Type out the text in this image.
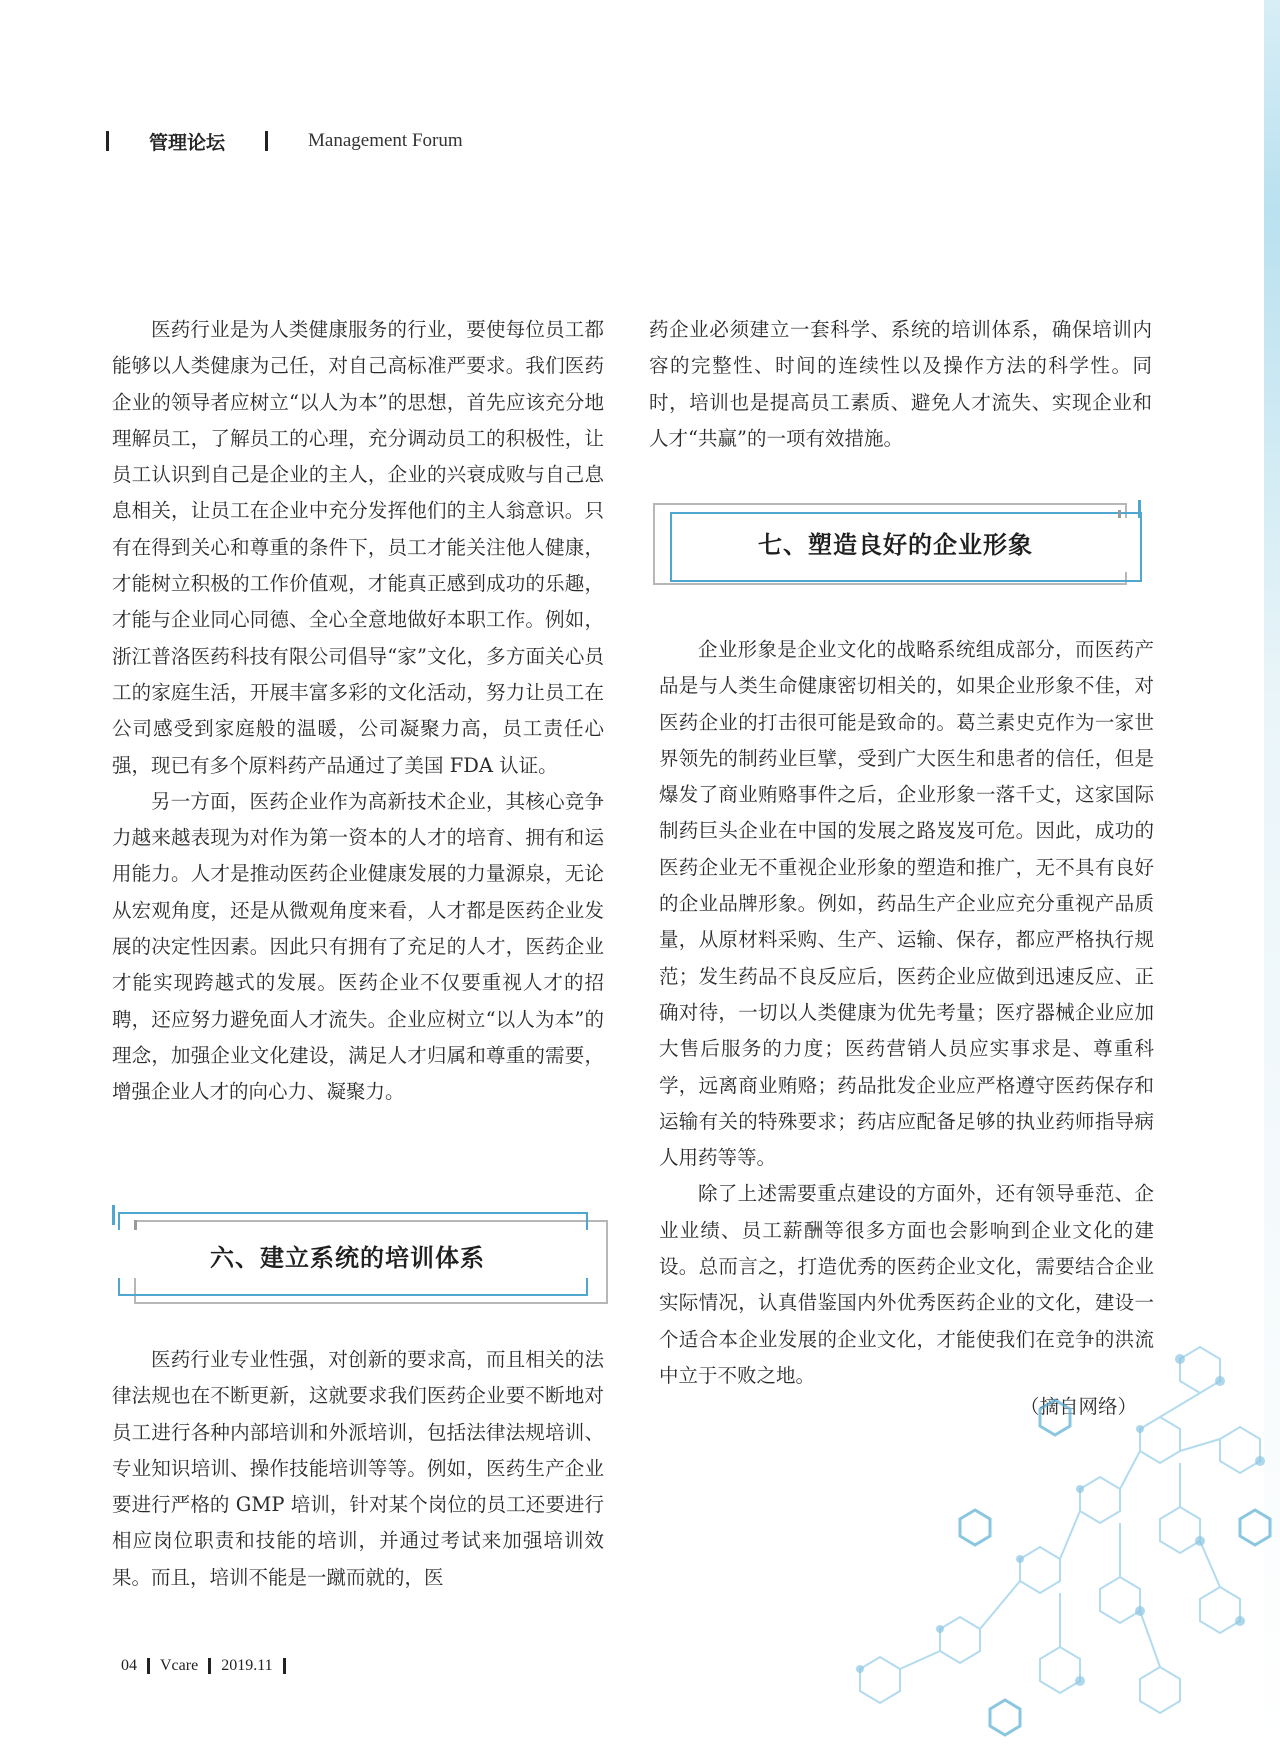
管理论坛	Management Forum

医药行业是为人类健康服务的行业，要使每位员工都能够以人类健康为己任，对自己高标准严要求。我们医药企业的领导者应树立“以人为本”的思想，首先应该充分地理解员工，了解员工的心理，充分调动员工的积极性，让员工认识到自己是企业的主人，企业的兴衰成败与自己息息相关，让员工在企业中充分发挥他们的主人翁意识。只有在得到关心和尊重的条件下，员工才能关注他人健康，才能树立积极的工作价值观，才能真正感到成功的乐趣，才能与企业同心同德、全心全意地做好本职工作。例如，浙江普洛医药科技有限公司倡导“家”文化，多方面关心员工的家庭生活，开展丰富多彩的文化活动，努力让员工在公司感受到家庭般的温暖，公司凝聚力高，员工责任心强，现已有多个原料药产品通过了美国 FDA 认证。

另一方面，医药企业作为高新技术企业，其核心竞争力越来越表现为对作为第一资本的人才的培育、拥有和运用能力。人才是推动医药企业健康发展的力量源泉，无论从宏观角度，还是从微观角度来看，人才都是医药企业发展的决定性因素。因此只有拥有了充足的人才，医药企业才能实现跨越式的发展。医药企业不仅要重视人才的招聘，还应努力避免面人才流失。企业应树立“以人为本”的理念，加强企业文化建设，满足人才归属和尊重的需要，增强企业人才的向心力、凝聚力。

六、建立系统的培训体系

医药行业专业性强，对创新的要求高，而且相关的法律法规也在不断更新，这就要求我们医药企业要不断地对员工进行各种内部培训和外派培训，包括法律法规培训、专业知识培训、操作技能培训等等。例如，医药生产企业要进行严格的 GMP 培训，针对某个岗位的员工还要进行相应岗位职责和技能的培训，并通过考试来加强培训效果。而且，培训不能是一蹴而就的，医

药企业必须建立一套科学、系统的培训体系，确保培训内容的完整性、时间的连续性以及操作方法的科学性。同时，培训也是提高员工素质、避免人才流失、实现企业和人才“共赢”的一项有效措施。

七、塑造良好的企业形象

企业形象是企业文化的战略系统组成部分，而医药产品是与人类生命健康密切相关的，如果企业形象不佳，对医药企业的打击很可能是致命的。葛兰素史克作为一家世界领先的制药业巨擘，受到广大医生和患者的信任，但是爆发了商业贿赂事件之后，企业形象一落千丈，这家国际制药巨头企业在中国的发展之路岌岌可危。因此，成功的医药企业无不重视企业形象的塑造和推广，无不具有良好的企业品牌形象。例如，药品生产企业应充分重视产品质量，从原材料采购、生产、运输、保存，都应严格执行规范；发生药品不良反应后，医药企业应做到迅速反应、正确对待，一切以人类健康为优先考量；医疗器械企业应加大售后服务的力度；医药营销人员应实事求是、尊重科学，远离商业贿赂；药品批发企业应严格遵守医药保存和运输有关的特殊要求；药店应配备足够的执业药师指导病人用药等等。

除了上述需要重点建设的方面外，还有领导垂范、企业业绩、员工薪酬等很多方面也会影响到企业文化的建设。总而言之，打造优秀的医药企业文化，需要结合企业实际情况，认真借鉴国内外优秀医药企业的文化，建设一个适合本企业发展的企业文化，才能使我们在竞争的洪流中立于不败之地。

（摘自网络）
04 Vcare 2019.11
